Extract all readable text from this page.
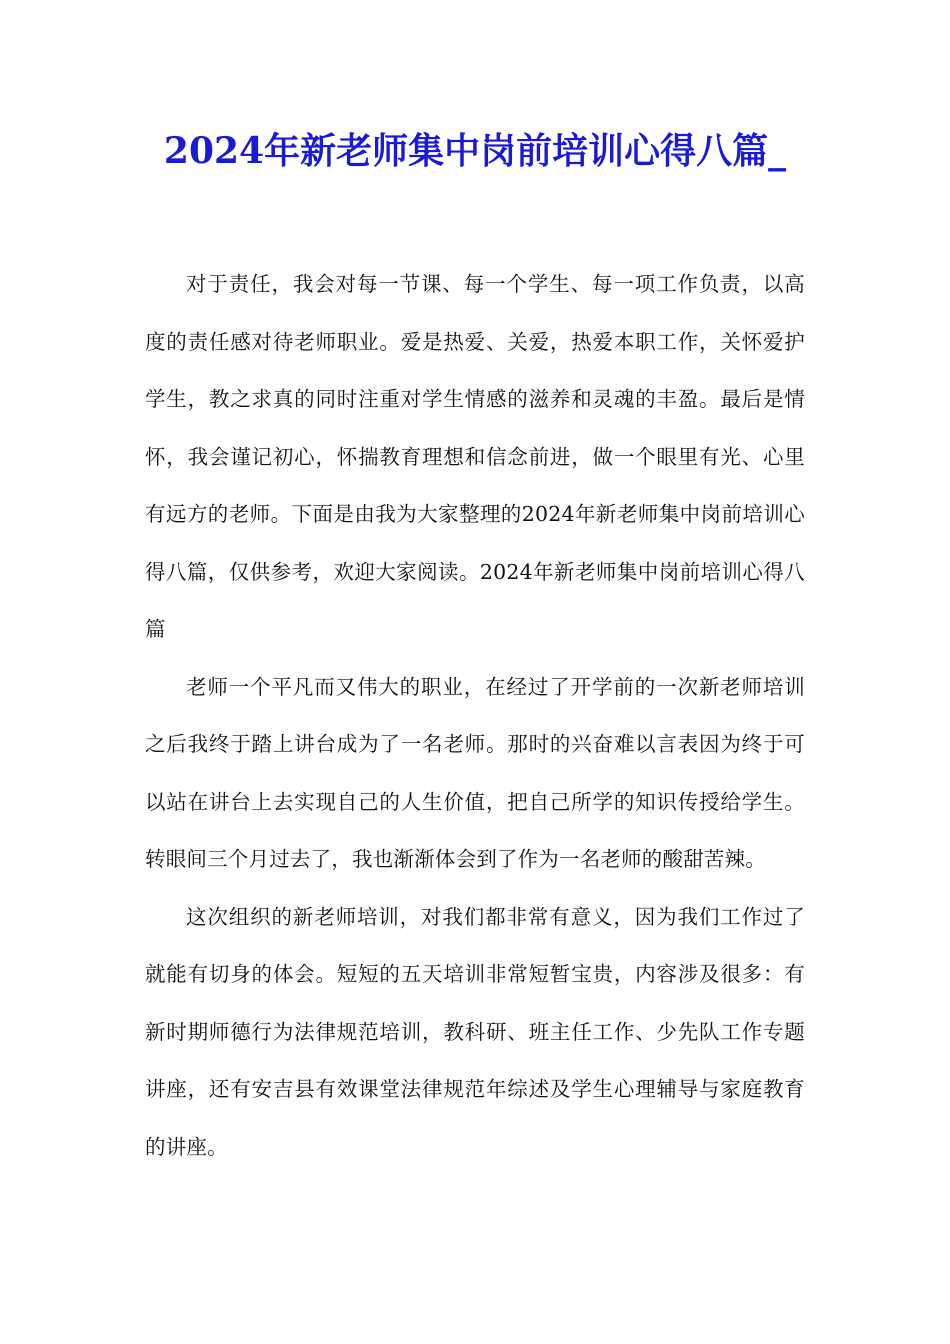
2024年新老师集中岗前培训心得八篇_

对于责任，我会对每一节课、每一个学生、每一项工作负责，以高度的责任感对待老师职业。爱是热爱、关爱，热爱本职工作，关怀爱护学生，教之求真的同时注重对学生情感的滋养和灵魂的丰盈。最后是情怀，我会谨记初心，怀揣教育理想和信念前进，做一个眼里有光、心里有远方的老师。下面是由我为大家整理的2024年新老师集中岗前培训心得八篇，仅供参考，欢迎大家阅读。2024年新老师集中岗前培训心得八篇

老师一个平凡而又伟大的职业，在经过了开学前的一次新老师培训之后我终于踏上讲台成为了一名老师。那时的兴奋难以言表因为终于可以站在讲台上去实现自己的人生价值，把自己所学的知识传授给学生。转眼间三个月过去了，我也渐渐体会到了作为一名老师的酸甜苦辣。

这次组织的新老师培训，对我们都非常有意义，因为我们工作过了就能有切身的体会。短短的五天培训非常短暂宝贵，内容涉及很多：有新时期师德行为法律规范培训，教科研、班主任工作、少先队工作专题讲座，还有安吉县有效课堂法律规范年综述及学生心理辅导与家庭教育的讲座。
